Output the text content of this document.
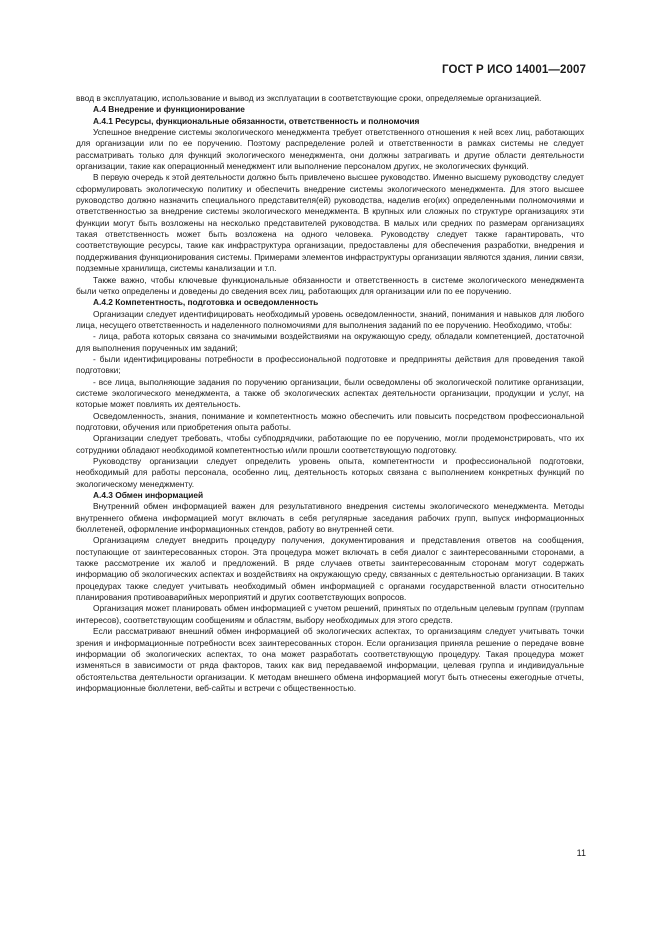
ГОСТ Р ИСО 14001—2007

ввод в эксплуатацию, использование и вывод из эксплуатации в соответствующие сроки, определяемые организацией.

А.4 Внедрение и функционирование

А.4.1 Ресурсы, функциональные обязанности, ответственность и полномочия

Успешное внедрение системы экологического менеджмента требует ответственного отношения к ней всех лиц, работающих для организации или по ее поручению. Поэтому распределение ролей и ответственности в рамках системы не следует рассматривать только для функций экологического менеджмента, они должны затрагивать и другие области деятельности организации, такие как операционный менеджмент или выполнение персоналом других, не экологических функций.

В первую очередь к этой деятельности должно быть привлечено высшее руководство. Именно высшему руководству следует сформулировать экологическую политику и обеспечить внедрение системы экологического менеджмента. Для этого высшее руководство должно назначить специального представителя(ей) руководства, наделив его(их) определенными полномочиями и ответственностью за внедрение системы экологического менеджмента. В крупных или сложных по структуре организациях эти функции могут быть возложены на несколько представителей руководства. В малых или средних по размерам организациях такая ответственность может быть возложена на одного человека. Руководству следует также гарантировать, что соответствующие ресурсы, такие как инфраструктура организации, предоставлены для обеспечения разработки, внедрения и поддерживания функционирования системы. Примерами элементов инфраструктуры организации являются здания, линии связи, подземные хранилища, системы канализации и т.п.

Также важно, чтобы ключевые функциональные обязанности и ответственность в системе экологического менеджмента были четко определены и доведены до сведения всех лиц, работающих для организации или по ее поручению.

А.4.2 Компетентность, подготовка и осведомленность

Организации следует идентифицировать необходимый уровень осведомленности, знаний, понимания и навыков для любого лица, несущего ответственность и наделенного полномочиями для выполнения заданий по ее поручению. Необходимо, чтобы:

- лица, работа которых связана со значимыми воздействиями на окружающую среду, обладали компетенцией, достаточной для выполнения порученных им заданий;

- были идентифицированы потребности в профессиональной подготовке и предприняты действия для проведения такой подготовки;

- все лица, выполняющие задания по поручению организации, были осведомлены об экологической политике организации, системе экологического менеджмента, а также об экологических аспектах деятельности организации, продукции и услуг, на которые может повлиять их деятельность.

Осведомленность, знания, понимание и компетентность можно обеспечить или повысить посредством профессиональной подготовки, обучения или приобретения опыта работы.

Организации следует требовать, чтобы субподрядчики, работающие по ее поручению, могли продемонстрировать, что их сотрудники обладают необходимой компетентностью и/или прошли соответствующую подготовку.

Руководству организации следует определить уровень опыта, компетентности и профессиональной подготовки, необходимый для работы персонала, особенно лиц, деятельность которых связана с выполнением конкретных функций по экологическому менеджменту.

А.4.3 Обмен информацией

Внутренний обмен информацией важен для результативного внедрения системы экологического менеджмента. Методы внутреннего обмена информацией могут включать в себя регулярные заседания рабочих групп, выпуск информационных бюллетеней, оформление информационных стендов, работу во внутренней сети.

Организациям следует внедрить процедуру получения, документирования и представления ответов на сообщения, поступающие от заинтересованных сторон. Эта процедура может включать в себя диалог с заинтересованными сторонами, а также рассмотрение их жалоб и предложений. В ряде случаев ответы заинтересованным сторонам могут содержать информацию об экологических аспектах и воздействиях на окружающую среду, связанных с деятельностью организации. В таких процедурах также следует учитывать необходимый обмен информацией с органами государственной власти относительно планирования противоаварийных мероприятий и других соответствующих вопросов.

Организация может планировать обмен информацией с учетом решений, принятых по отдельным целевым группам (группам интересов), соответствующим сообщениям и областям, выбору необходимых для этого средств.

Если рассматривают внешний обмен информацией об экологических аспектах, то организациям следует учитывать точки зрения и информационные потребности всех заинтересованных сторон. Если организация приняла решение о передаче вовне информации об экологических аспектах, то она может разработать соответствующую процедуру. Такая процедура может изменяться в зависимости от ряда факторов, таких как вид передаваемой информации, целевая группа и индивидуальные обстоятельства деятельности организации. К методам внешнего обмена информацией могут быть отнесены ежегодные отчеты, информационные бюллетени, веб-сайты и встречи с общественностью.

11
